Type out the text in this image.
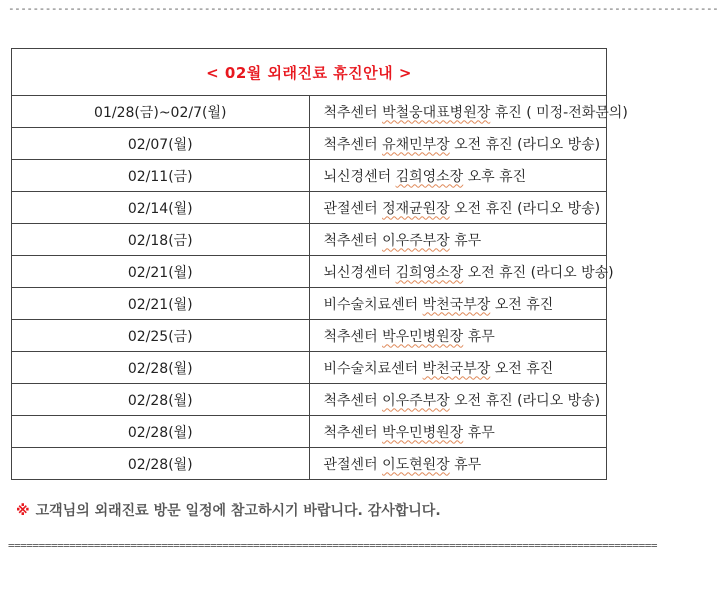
--------------------------------------------------------------------------------------------------------------------
< 02월 외래진료 휴진안내 >	
01/28(금)~02/7(월)	척추센터 박철웅대표병원장 휴진 ( 미정-전화문의)
02/07(월)	척추센터 유채민부장 오전 휴진 (라디오 방송)
02/11(금)	뇌신경센터 김희영소장 오후 휴진
02/14(월)	관절센터 정재균원장 오전 휴진 (라디오 방송)
02/18(금)	척추센터 이우주부장 휴무
02/21(월)	뇌신경센터 김희영소장 오전 휴진 (라디오 방송)
02/21(월)	비수술치료센터 박천국부장 오전 휴진
02/25(금)	척추센터 박우민병원장 휴무
02/28(월)	비수술치료센터 박천국부장 오전 휴진
02/28(월)	척추센터 이우주부장 오전 휴진 (라디오 방송)
02/28(월)	척추센터 박우민병원장 휴무
02/28(월)	관절센터 이도현원장 휴무
※ 고객님의 외래진료 방문 일정에 참고하시기 바랍니다. 감사합니다.
==========================================================================================================
